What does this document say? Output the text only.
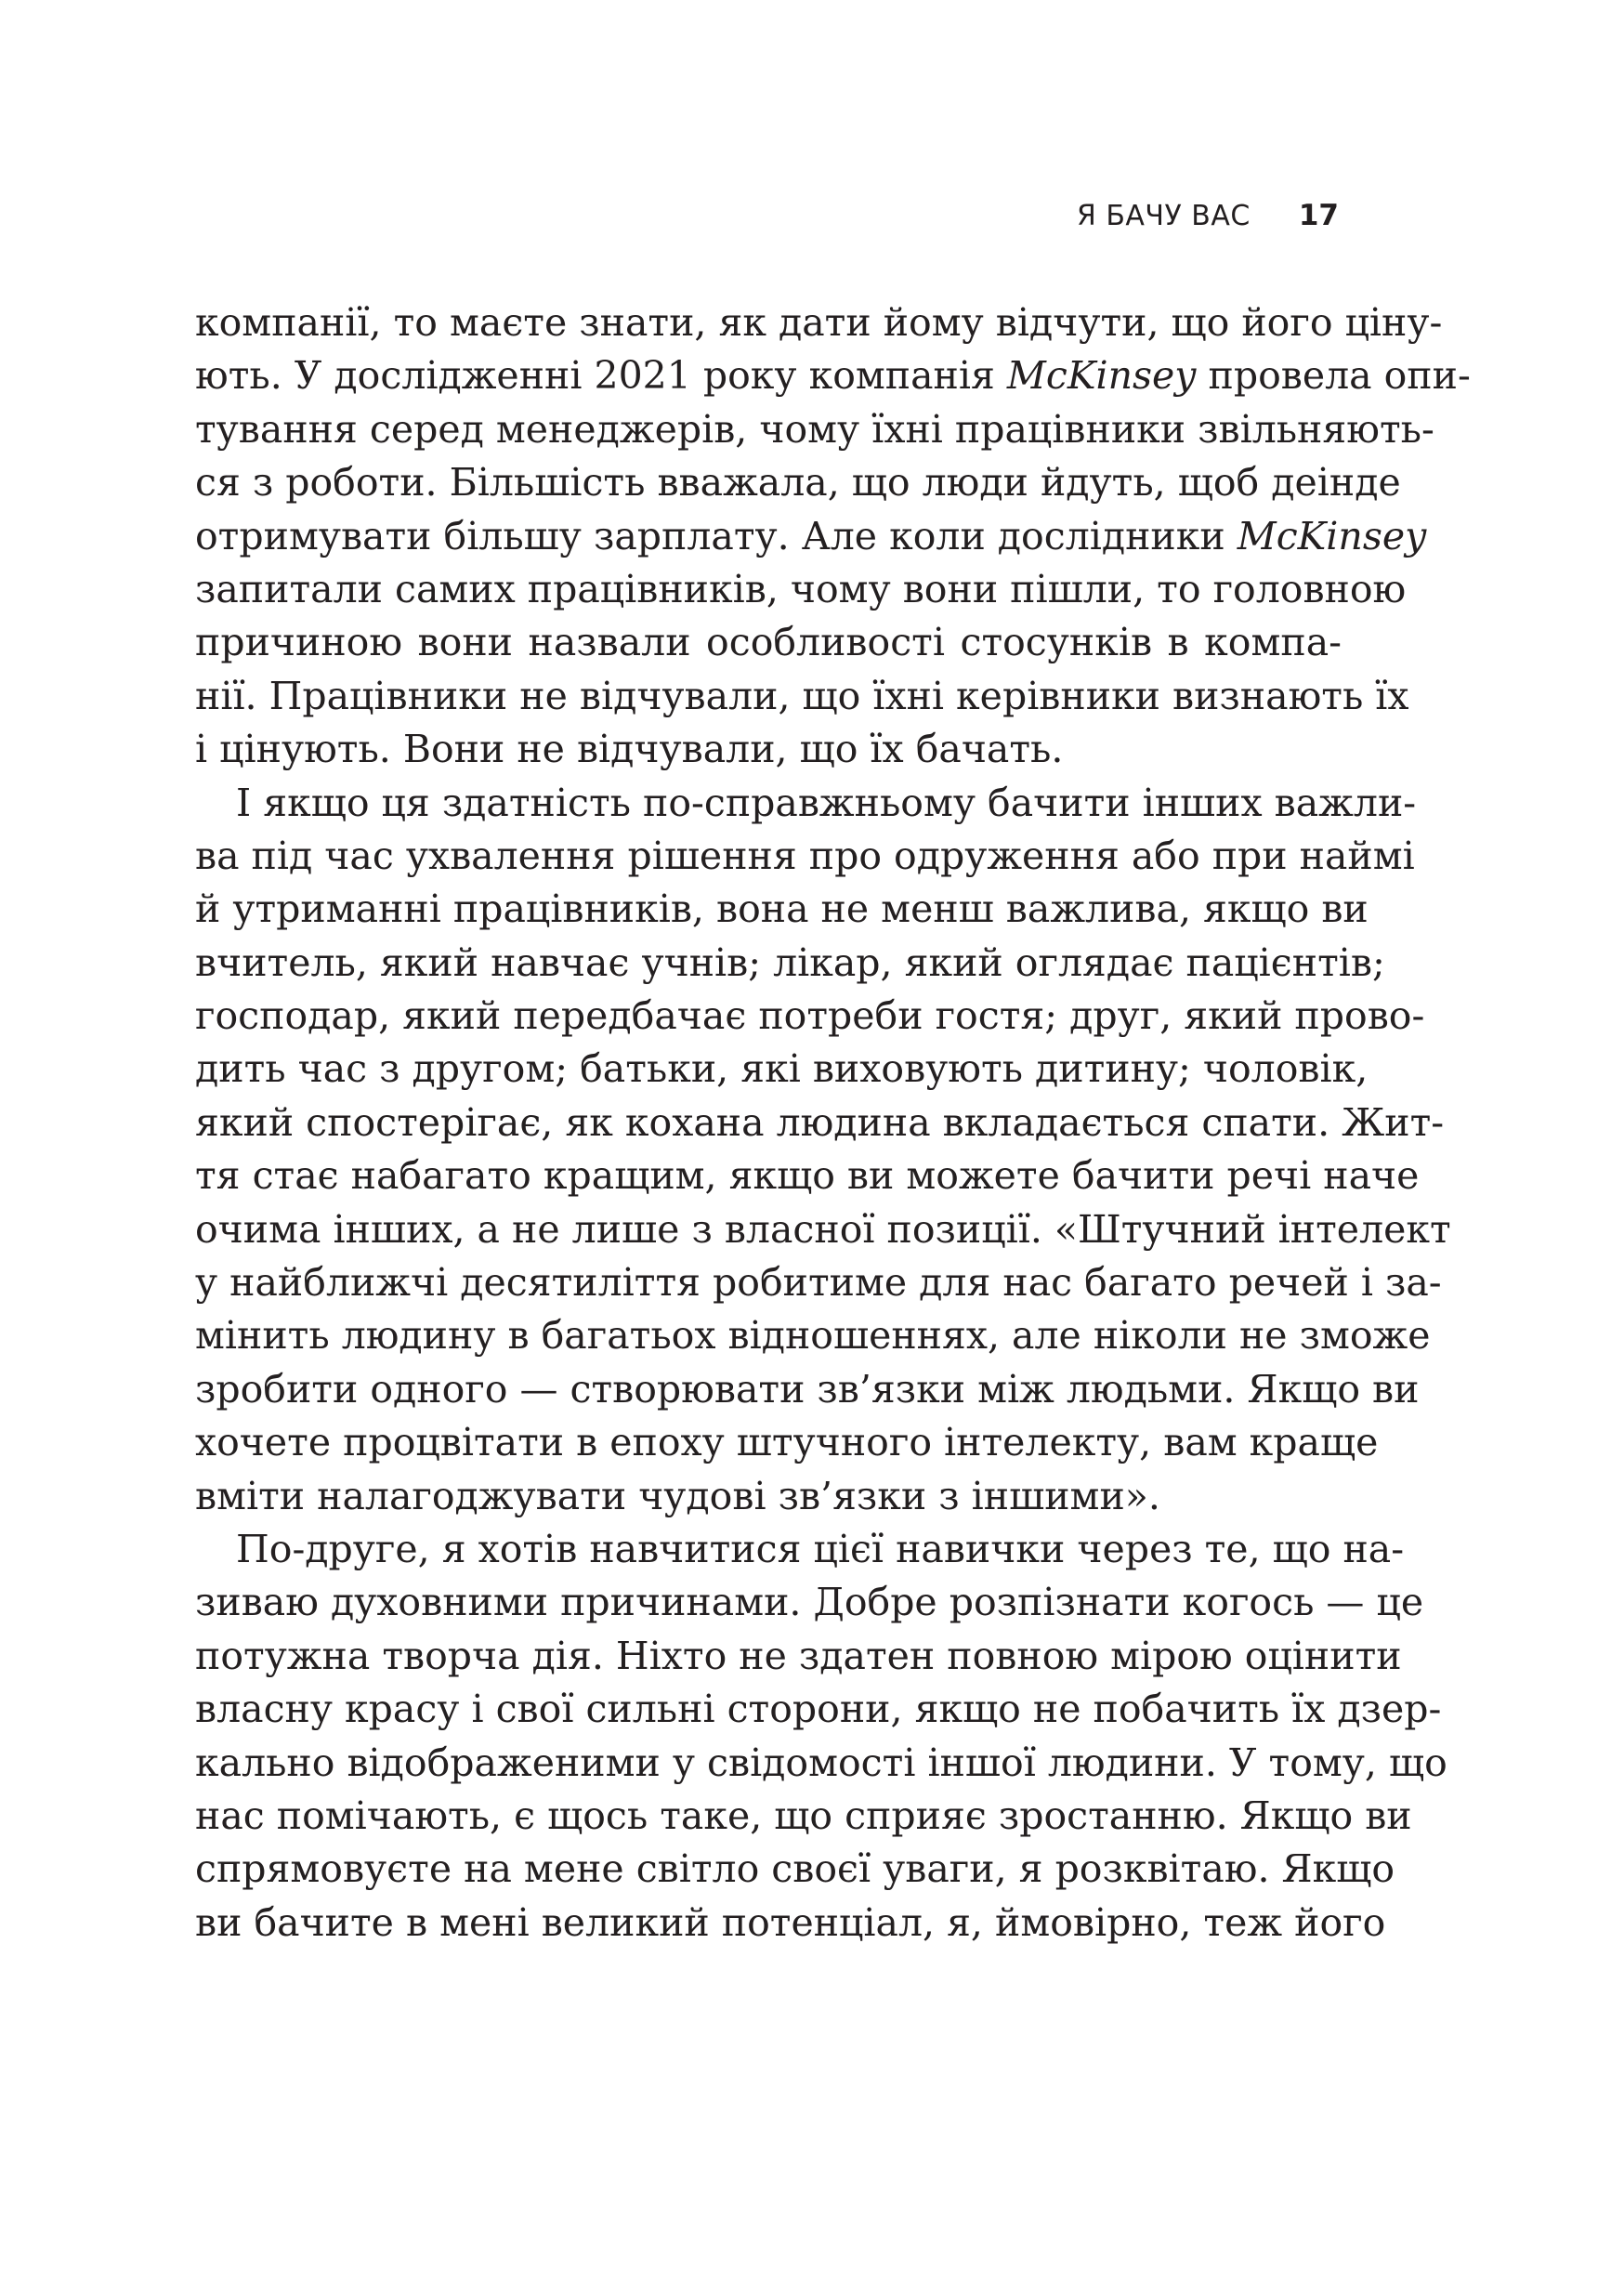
Я БАЧУ ВАС 17
компанії, то маєте знати, як дати йому відчути, що його ціну-
ють. У дослідженні 2021 року компанія McKinsey провела опи-
тування серед менеджерів, чому їхні працівники звільняють-
ся з роботи. Більшість вважала, що люди йдуть, щоб деінде
отримувати більшу зарплату. Але коли дослідники McKinsey
запитали самих працівників, чому вони пішли, то головною
причиною вони назвали особливості стосунків в компа-
нії. Працівники не відчували, що їхні керівники визнають їх
і цінують. Вони не відчували, що їх бачать.
І якщо ця здатність по-справжньому бачити інших важли-
ва під час ухвалення рішення про одруження або при наймі
й утриманні працівників, вона не менш важлива, якщо ви
вчитель, який навчає учнів; лікар, який оглядає пацієнтів;
господар, який передбачає потреби гостя; друг, який прово-
дить час з другом; батьки, які виховують дитину; чоловік,
який спостерігає, як кохана людина вкладається спати. Жит-
тя стає набагато кращим, якщо ви можете бачити речі наче
очима інших, а не лише з власної позиції. «Штучний інтелект
у найближчі десятиліття робитиме для нас багато речей і за-
мінить людину в багатьох відношеннях, але ніколи не зможе
зробити одного — створювати зв’язки між людьми. Якщо ви
хочете процвітати в епоху штучного інтелекту, вам краще
вміти налагоджувати чудові зв’язки з іншими».
По-друге, я хотів навчитися цієї навички через те, що на-
зиваю духовними причинами. Добре розпізнати когось — це
потужна творча дія. Ніхто не здатен повною мірою оцінити
власну красу і свої сильні сторони, якщо не побачить їх дзер-
кально відображеними у свідомості іншої людини. У тому, що
нас помічають, є щось таке, що сприяє зростанню. Якщо ви
спрямовуєте на мене світло своєї уваги, я розквітаю. Якщо
ви бачите в мені великий потенціал, я, ймовірно, теж його
